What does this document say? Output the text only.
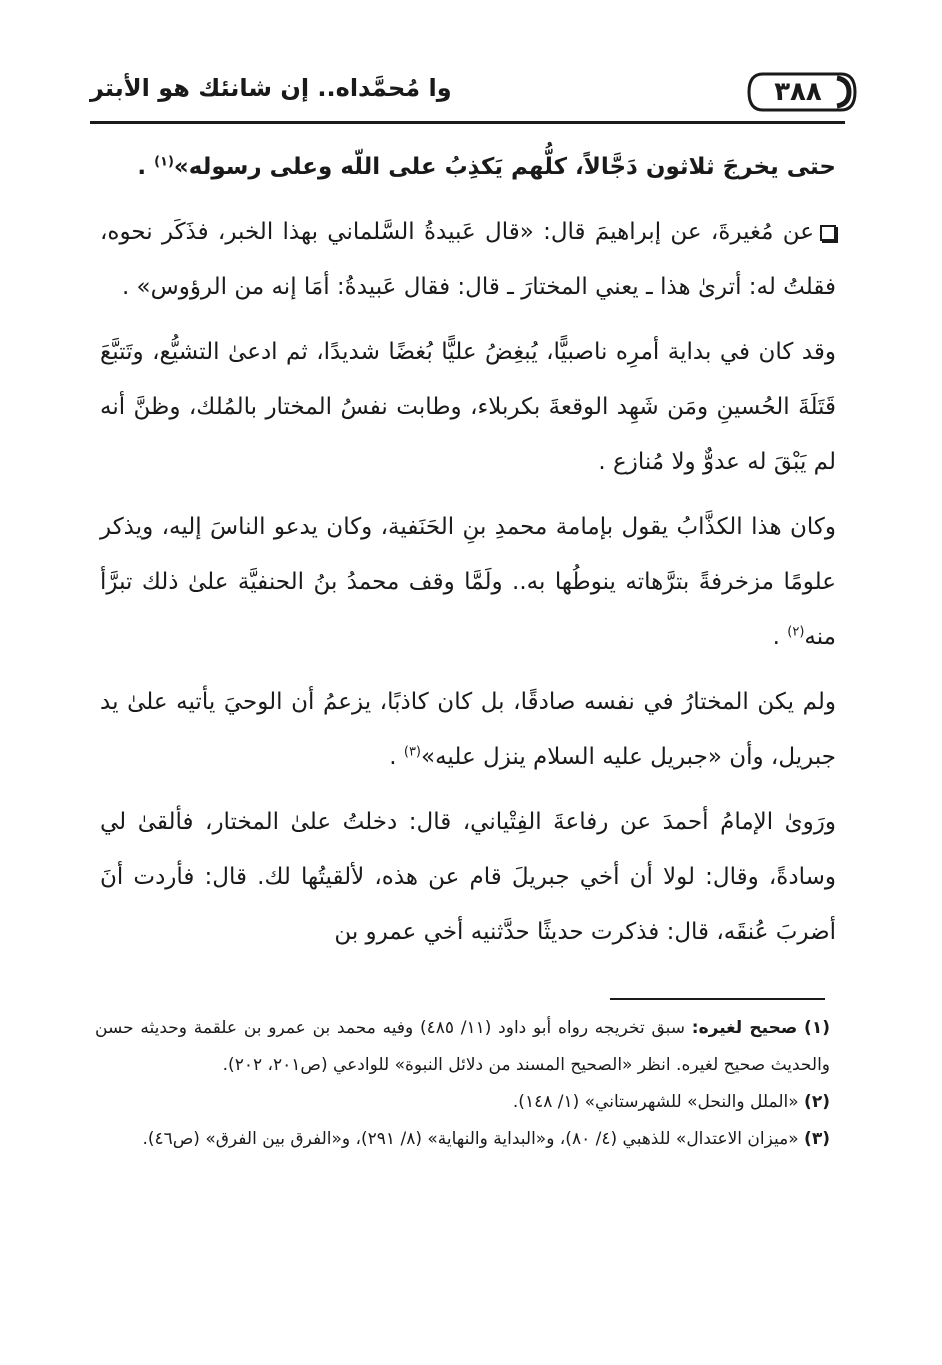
وا مُحمَّداه.. إن شانئك هو الأبتر	٣٨٨

حتى يخرجَ ثلاثون دَجَّالاً، كلُّهم يَكذِبُ على اللّه وعلى رسوله»$^{(١)}$ .

عن مُغيرةَ، عن إبراهيمَ قال: «قال عَبيدةُ السَّلماني بهذا الخبر، فذَكَر نحوه، فقلتُ له: أترىٰ هذا ـ يعني المختارَ ـ قال: فقال عَبيدةُ: أمَا إنه من الرؤوس» .

وقد كان في بداية أمرِه ناصبيًّا، يُبغِضُ عليًّا بُغضًا شديدًا، ثم ادعىٰ التشيُّع، وتَتبَّعَ قَتَلَةَ الحُسينِ ومَن شَهِد الوقعةَ بكربلاء، وطابت نفسُ المختار بالمُلك، وظنَّ أنه لم يَبْقَ له عدوٌّ ولا مُنازع .

وكان هذا الكذَّابُ يقول بإمامة محمدِ بنِ الحَنَفية، وكان يدعو الناسَ إليه، ويذكر علومًا مزخرفةً بترَّهاته ينوطُها به.. ولَمَّا وقف محمدُ بنُ الحنفيَّة علىٰ ذلك تبرَّأ منه$^{(٢)}$ .

ولم يكن المختارُ في نفسه صادقًا، بل كان كاذبًا، يزعمُ أن الوحيَ يأتيه علىٰ يد جبريل، وأن «جبريل عليه السلام ينزل عليه»$^{(٣)}$ .

ورَوىٰ الإمامُ أحمدَ عن رفاعةَ الفِتْياني، قال: دخلتُ علىٰ المختار، فألقىٰ لي وسادةً، وقال: لولا أن أخي جبريلَ قام عن هذه، لألقيتُها لك. قال: فأردت أنَ أضربَ عُنقَه، قال: فذكرت حديثًا حدَّثنيه أخي عمرو بن

(١) صحيح لغيره: سبق تخريجه رواه أبو داود (١١/ ٤٨٥) وفيه محمد بن عمرو بن علقمة وحديثه حسن والحديث صحيح لغيره. انظر «الصحيح المسند من دلائل النبوة» للوادعي (ص٢٠١، ٢٠٢).

(٢) «الملل والنحل» للشهرستاني» (١/ ١٤٨).

(٣) «ميزان الاعتدال» للذهبي (٤/ ٨٠)، و«البداية والنهاية» (٨/ ٢٩١)، و«الفرق بين الفرق» (ص٤٦).
